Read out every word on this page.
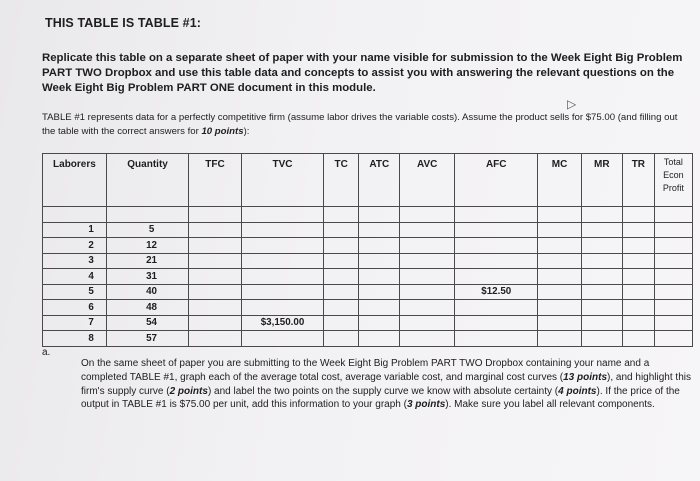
THIS TABLE IS TABLE #1:
Replicate this table on a separate sheet of paper with your name visible for submission to the Week Eight Big Problem PART TWO Dropbox and use this table data and concepts to assist you with answering the relevant questions on the Week Eight Big Problem PART ONE document in this module.
▷
TABLE #1 represents data for a perfectly competitive firm (assume labor drives the variable costs). Assume the product sells for $75.00 (and filling out the table with the correct answers for 10 points):
Laborers	Quantity	TFC	TVC	TC	ATC	AVC	AFC	MC	MR	TR	Total
Econ
Profit

1	5										
2	12										
3	21										
4	31										
5	40						$12.50				
6	48										
7	54		$3,150.00								
8	57										
a.
On the same sheet of paper you are submitting to the Week Eight Big Problem PART TWO Dropbox containing your name and a completed TABLE #1, graph each of the average total cost, average variable cost, and marginal cost curves (13 points), and highlight this firm's supply curve (2 points) and label the two points on the supply curve we know with absolute certainty (4 points). If the price of the output in TABLE #1 is $75.00 per unit, add this information to your graph (3 points). Make sure you label all relevant components.
